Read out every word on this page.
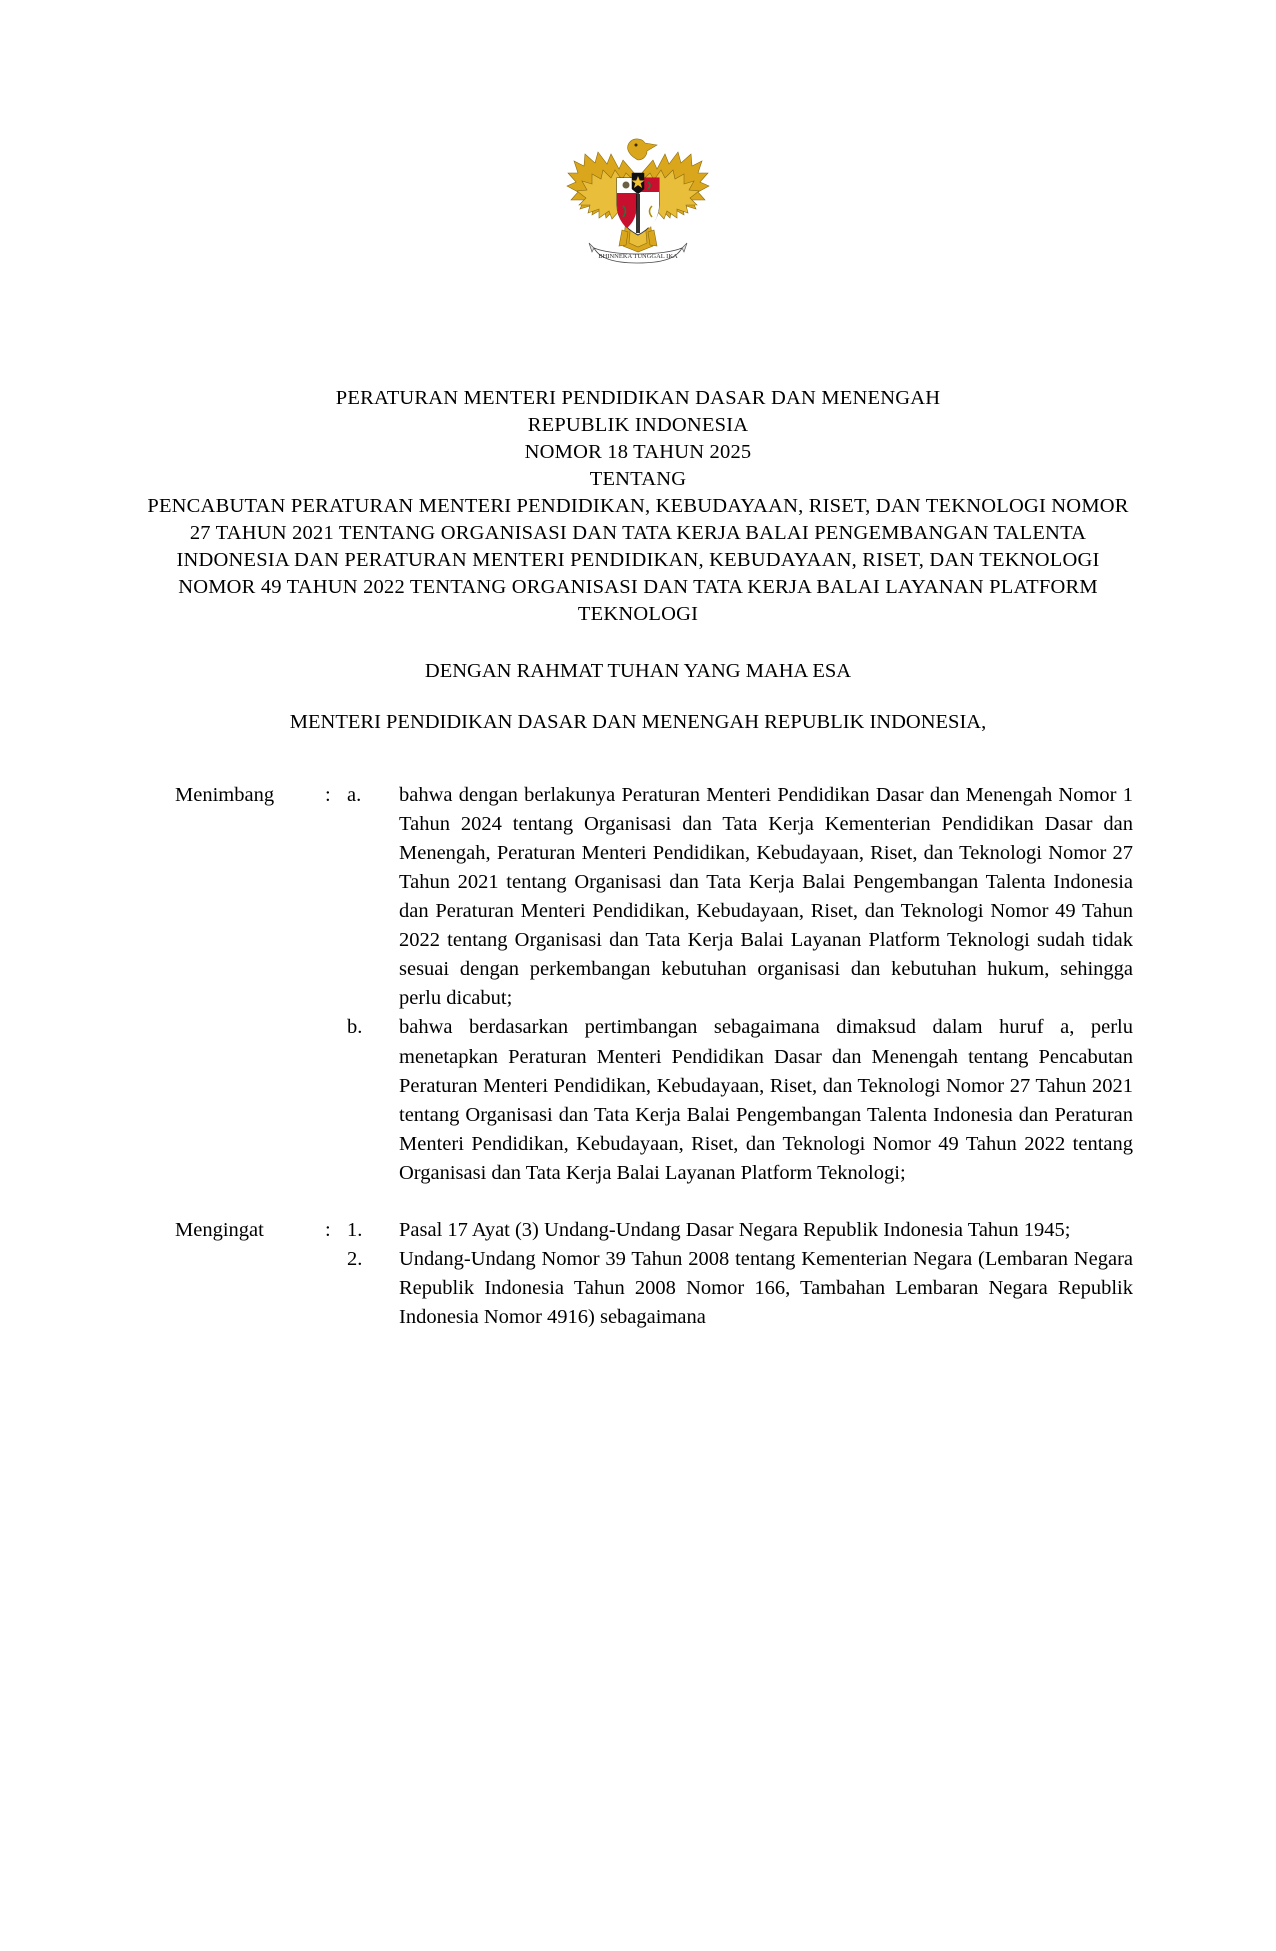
BHINNEKA TUNGGAL IKA
PERATURAN MENTERI PENDIDIKAN DASAR DAN MENENGAH
REPUBLIK INDONESIA
NOMOR 18 TAHUN 2025
TENTANG
PENCABUTAN PERATURAN MENTERI PENDIDIKAN, KEBUDAYAAN, RISET, DAN TEKNOLOGI NOMOR 27 TAHUN 2021 TENTANG ORGANISASI DAN TATA KERJA BALAI PENGEMBANGAN TALENTA INDONESIA DAN PERATURAN MENTERI PENDIDIKAN, KEBUDAYAAN, RISET, DAN TEKNOLOGI NOMOR 49 TAHUN 2022 TENTANG ORGANISASI DAN TATA KERJA BALAI LAYANAN PLATFORM TEKNOLOGI
DENGAN RAHMAT TUHAN YANG MAHA ESA
MENTERI PENDIDIKAN DASAR DAN MENENGAH REPUBLIK INDONESIA,
Menimbang	: a.	bahwa dengan berlakunya Peraturan Menteri Pendidikan Dasar dan Menengah Nomor 1 Tahun 2024 tentang Organisasi dan Tata Kerja Kementerian Pendidikan Dasar dan Menengah, Peraturan Menteri Pendidikan, Kebudayaan, Riset, dan Teknologi Nomor 27 Tahun 2021 tentang Organisasi dan Tata Kerja Balai Pengembangan Talenta Indonesia dan Peraturan Menteri Pendidikan, Kebudayaan, Riset, dan Teknologi Nomor 49 Tahun 2022 tentang Organisasi dan Tata Kerja Balai Layanan Platform Teknologi sudah tidak sesuai dengan perkembangan kebutuhan organisasi dan kebutuhan hukum, sehingga perlu dicabut;

b.	bahwa berdasarkan pertimbangan sebagaimana dimaksud dalam huruf a, perlu menetapkan Peraturan Menteri Pendidikan Dasar dan Menengah tentang Pencabutan Peraturan Menteri Pendidikan, Kebudayaan, Riset, dan Teknologi Nomor 27 Tahun 2021 tentang Organisasi dan Tata Kerja Balai Pengembangan Talenta Indonesia dan Peraturan Menteri Pendidikan, Kebudayaan, Riset, dan Teknologi Nomor 49 Tahun 2022 tentang Organisasi dan Tata Kerja Balai Layanan Platform Teknologi;

Mengingat	: 1.	Pasal 17 Ayat (3) Undang-Undang Dasar Negara Republik Indonesia Tahun 1945;

2.	Undang-Undang Nomor 39 Tahun 2008 tentang Kementerian Negara (Lembaran Negara Republik Indonesia Tahun 2008 Nomor 166, Tambahan Lembaran Negara Republik Indonesia Nomor 4916) sebagaimana
